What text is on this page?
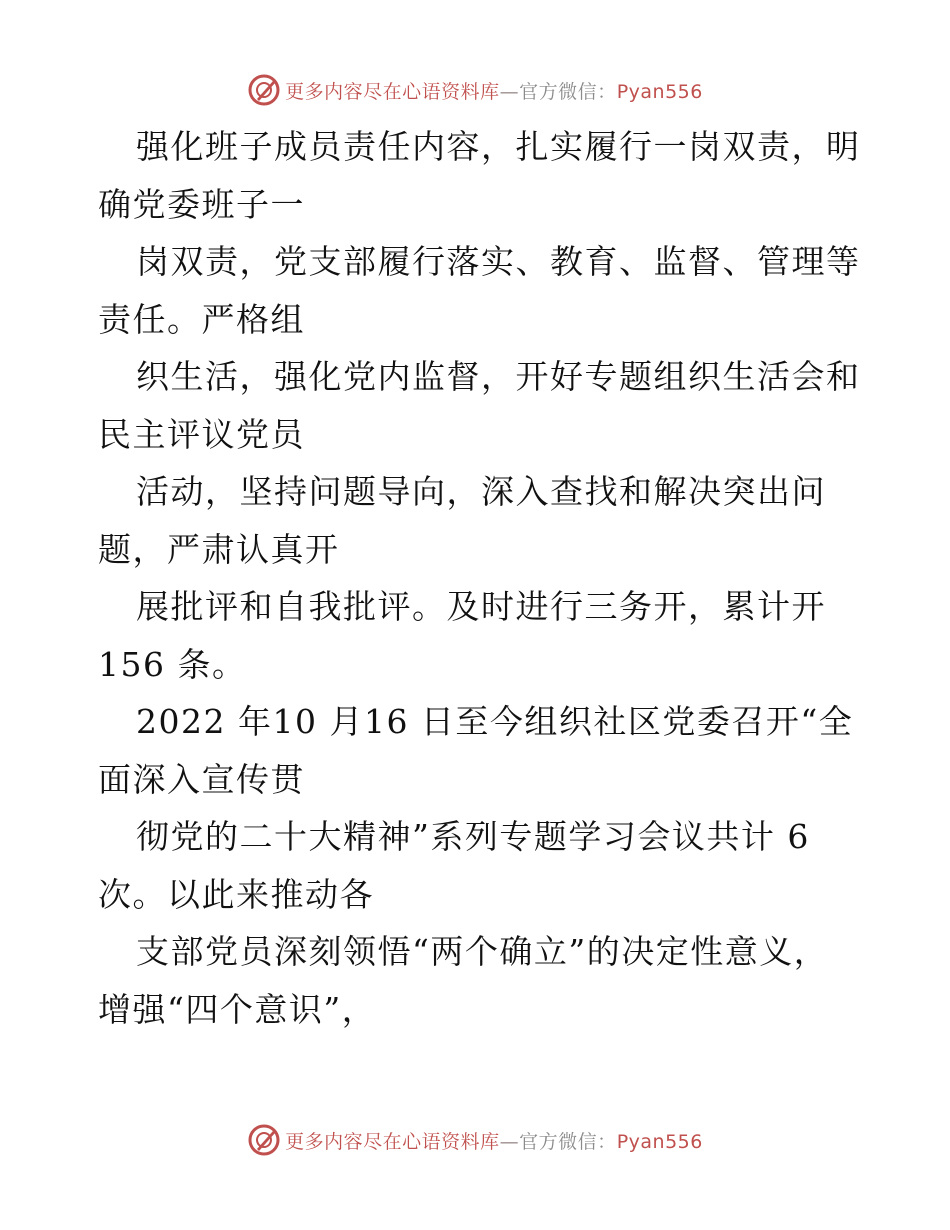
更多内容尽在心语资料库—官方微信：Pyan556
强化班子成员责任内容，扎实履行一岗双责，明
确党委班子一
岗双责，党支部履行落实、教育、监督、管理等
责任。严格组
织生活，强化党内监督，开好专题组织生活会和
民主评议党员
活动，坚持问题导向，深入查找和解决突出问
题，严肃认真开
展批评和自我批评。及时进行三务开，累计开
156 条。
2022 年10 月16 日至今组织社区党委召开“全
面深入宣传贯
彻党的二十大精神”系列专题学习会议共计 6
次。以此来推动各
支部党员深刻领悟“两个确立”的决定性意义，
增强“四个意识”，
更多内容尽在心语资料库—官方微信：Pyan556
